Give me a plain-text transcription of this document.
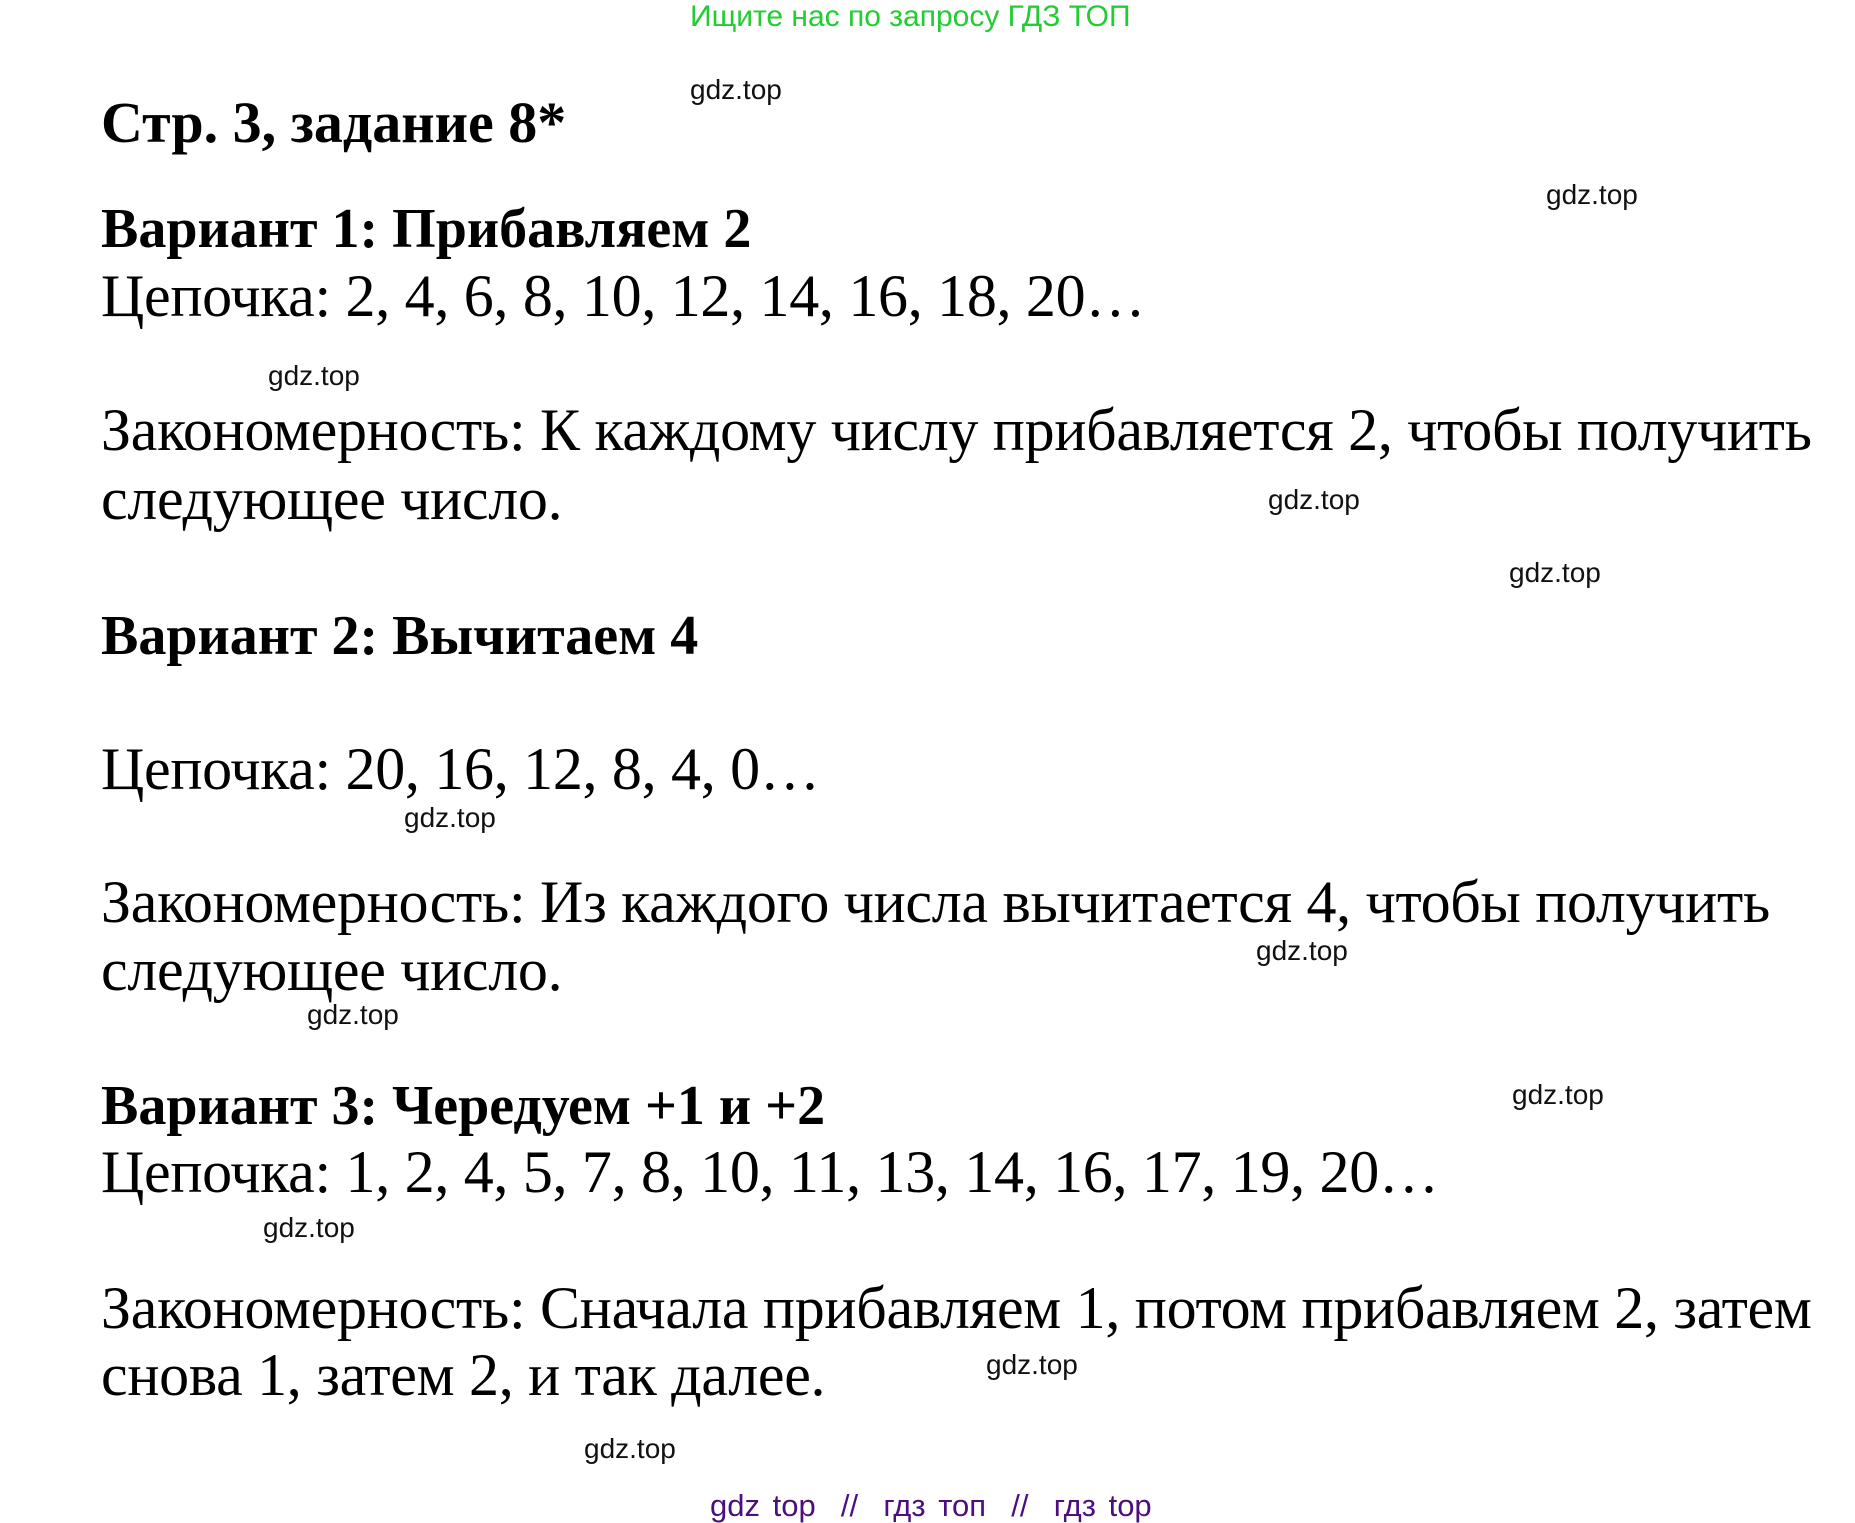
Ищите нас по запросу ГДЗ ТОП
Стр. 3, задание 8*
Вариант 1: Прибавляем 2
Цепочка: 2, 4, 6, 8, 10, 12, 14, 16, 18, 20…
Закономерность: К каждому числу прибавляется 2, чтобы получить
следующее число.
Вариант 2: Вычитаем 4
Цепочка: 20, 16, 12, 8, 4, 0…
Закономерность: Из каждого числа вычитается 4, чтобы получить
следующее число.
Вариант 3: Чередуем +1 и +2
Цепочка: 1, 2, 4, 5, 7, 8, 10, 11, 13, 14, 16, 17, 19, 20…
Закономерность: Сначала прибавляем 1, потом прибавляем 2, затем
снова 1, затем 2, и так далее.
gdz.top
gdz.top
gdz.top
gdz.top
gdz.top
gdz.top
gdz.top
gdz.top
gdz.top
gdz.top
gdz.top
gdz.top
gdz top  //  гдз топ  //  гдз top
